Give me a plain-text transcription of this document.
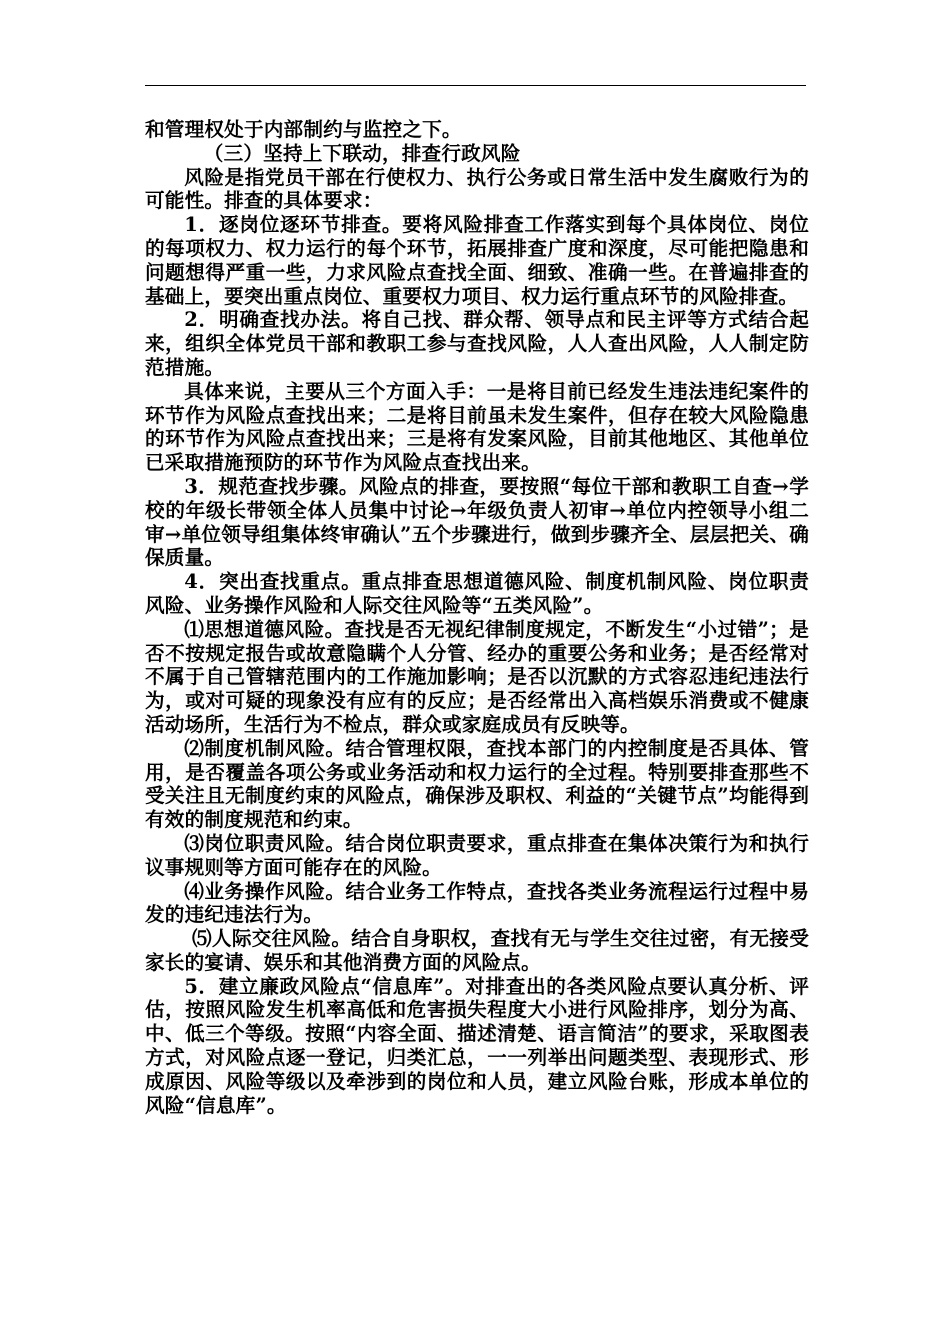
和管理权处于内部制约与监控之下。

（三）坚持上下联动，排查行政风险

风险是指党员干部在行使权力、执行公务或日常生活中发生腐败行为的可能性。排查的具体要求：

1．逐岗位逐环节排查。要将风险排查工作落实到每个具体岗位、岗位的每项权力、权力运行的每个环节，拓展排查广度和深度，尽可能把隐患和问题想得严重一些，力求风险点查找全面、细致、准确一些。在普遍排查的基础上，要突出重点岗位、重要权力项目、权力运行重点环节的风险排查。

2．明确查找办法。将自己找、群众帮、领导点和民主评等方式结合起来，组织全体党员干部和教职工参与查找风险，人人查出风险，人人制定防范措施。

具体来说，主要从三个方面入手：一是将目前已经发生违法违纪案件的环节作为风险点查找出来；二是将目前虽未发生案件，但存在较大风险隐患的环节作为风险点查找出来；三是将有发案风险，目前其他地区、其他单位已采取措施预防的环节作为风险点查找出来。

3．规范查找步骤。风险点的排查，要按照“每位干部和教职工自查→学校的年级长带领全体人员集中讨论→年级负责人初审→单位内控领导小组二审→单位领导组集体终审确认”五个步骤进行，做到步骤齐全、层层把关、确保质量。

4．突出查找重点。重点排查思想道德风险、制度机制风险、岗位职责风险、业务操作风险和人际交往风险等“五类风险”。

⑴思想道德风险。查找是否无视纪律制度规定，不断发生“小过错”；是否不按规定报告或故意隐瞒个人分管、经办的重要公务和业务；是否经常对不属于自己管辖范围内的工作施加影响；是否以沉默的方式容忍违纪违法行为，或对可疑的现象没有应有的反应；是否经常出入高档娱乐消费或不健康活动场所，生活行为不检点，群众或家庭成员有反映等。

⑵制度机制风险。结合管理权限，查找本部门的内控制度是否具体、管用，是否覆盖各项公务或业务活动和权力运行的全过程。特别要排查那些不受关注且无制度约束的风险点，确保涉及职权、利益的“关键节点”均能得到有效的制度规范和约束。

⑶岗位职责风险。结合岗位职责要求，重点排查在集体决策行为和执行议事规则等方面可能存在的风险。

⑷业务操作风险。结合业务工作特点，查找各类业务流程运行过程中易发的违纪违法行为。

⑸人际交往风险。结合自身职权，查找有无与学生交往过密，有无接受家长的宴请、娱乐和其他消费方面的风险点。

5．建立廉政风险点“信息库”。对排查出的各类风险点要认真分析、评估，按照风险发生机率高低和危害损失程度大小进行风险排序，划分为高、中、低三个等级。按照“内容全面、描述清楚、语言简洁”的要求，采取图表方式，对风险点逐一登记，归类汇总，一一列举出问题类型、表现形式、形成原因、风险等级以及牵涉到的岗位和人员，建立风险台账，形成本单位的风险“信息库”。
